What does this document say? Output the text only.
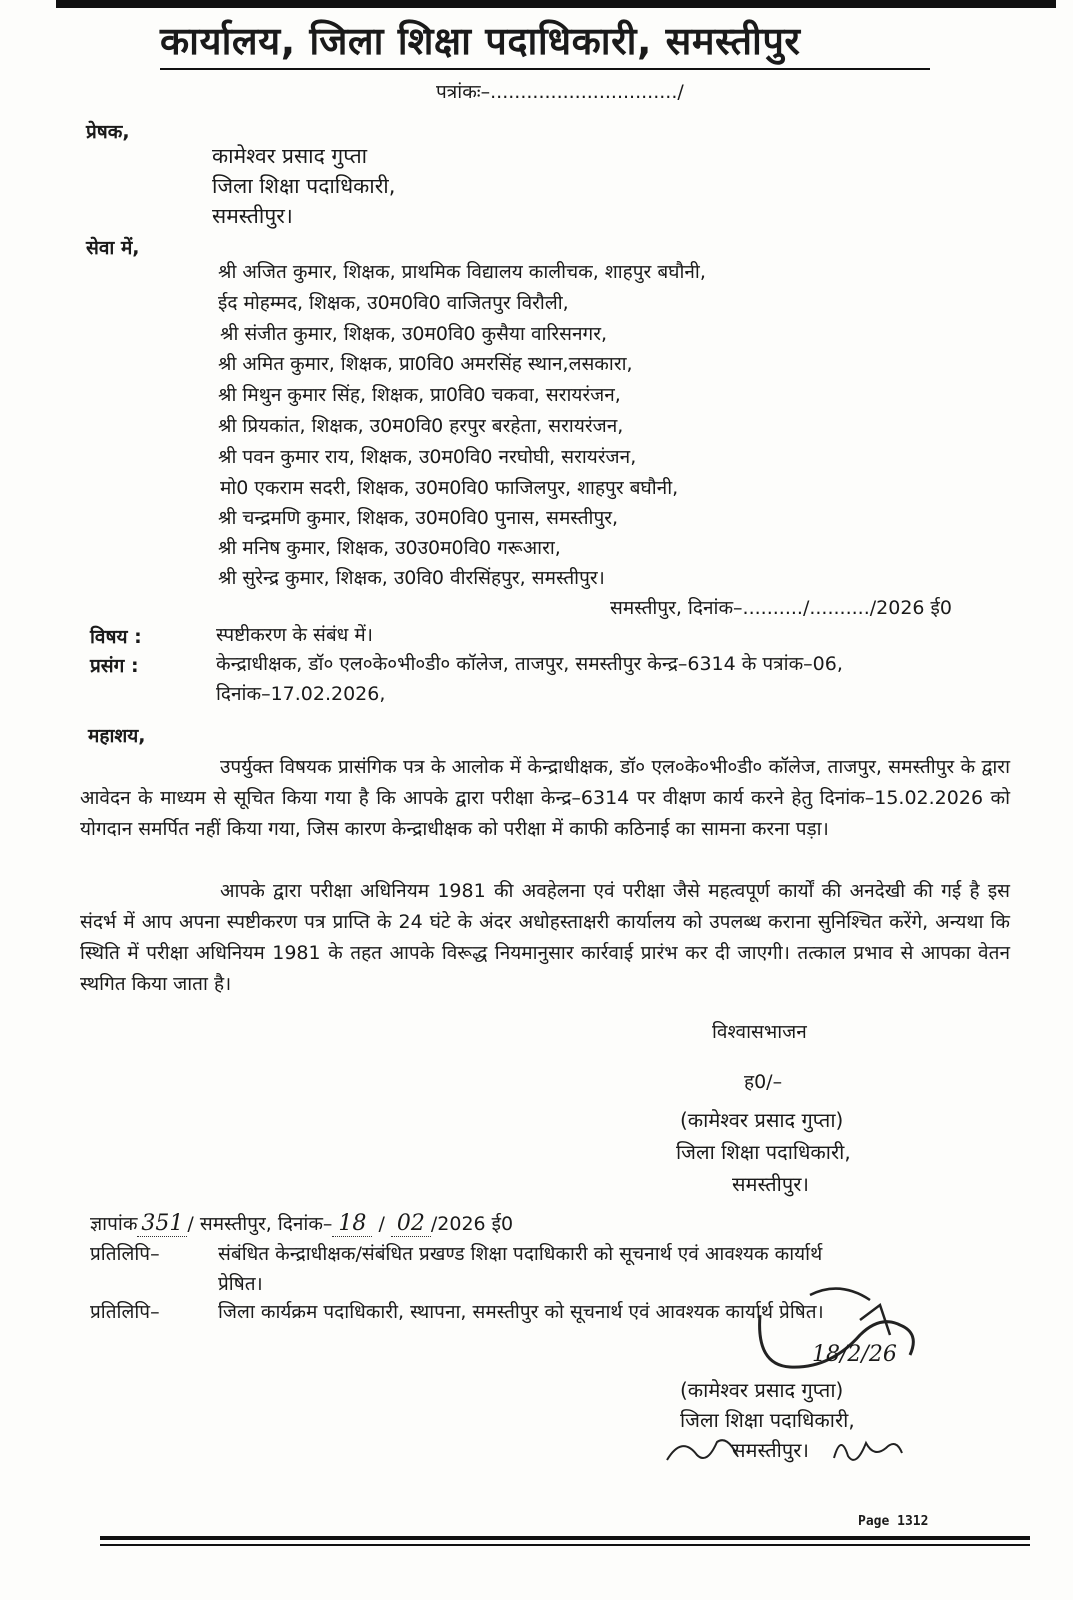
कार्यालय, जिला शिक्षा पदाधिकारी, समस्तीपुर
पत्रांकः–.............................../
प्रेषक,
कामेश्वर प्रसाद गुप्ता
जिला शिक्षा पदाधिकारी,
समस्तीपुर।
सेवा में,
श्री अजित कुमार, शिक्षक, प्राथमिक विद्यालय कालीचक, शाहपुर बघौनी,
ईद मोहम्मद, शिक्षक, उ0म0वि0 वाजितपुर विरौली,
श्री संजीत कुमार, शिक्षक, उ0म0वि0 कुसैया वारिसनगर,
श्री अमित कुमार, शिक्षक, प्रा0वि0 अमरसिंह स्थान,लसकारा,
श्री मिथुन कुमार सिंह, शिक्षक, प्रा0वि0 चकवा, सरायरंजन,
श्री प्रियकांत, शिक्षक, उ0म0वि0 हरपुर बरहेता, सरायरंजन,
श्री पवन कुमार राय, शिक्षक, उ0म0वि0 नरघोघी, सरायरंजन,
मो0 एकराम सदरी, शिक्षक, उ0म0वि0 फाजिलपुर, शाहपुर बघौनी,
श्री चन्द्रमणि कुमार, शिक्षक, उ0म0वि0 पुनास, समस्तीपुर,
श्री मनिष कुमार, शिक्षक, उ0उ0म0वि0 गरूआरा,
श्री सुरेन्द्र कुमार, शिक्षक, उ0वि0 वीरसिंहपुर, समस्तीपुर।
समस्तीपुर, दिनांक–........../........../2026 ई0
विषय :	स्पष्टीकरण के संबंध में।
प्रसंग :	केन्द्राधीक्षक, डॉ० एल०के०भी०डी० कॉलेज, ताजपुर, समस्तीपुर केन्द्र–6314 के पत्रांक–06,
दिनांक–17.02.2026,
महाशय,
उपर्युक्त विषयक प्रासंगिक पत्र के आलोक में केन्द्राधीक्षक, डॉ० एल०के०भी०डी० कॉलेज, ताजपुर, समस्तीपुर के द्वारा आवेदन के माध्यम से सूचित किया गया है कि आपके द्वारा परीक्षा केन्द्र–6314 पर वीक्षण कार्य करने हेतु दिनांक–15.02.2026 को योगदान समर्पित नहीं किया गया, जिस कारण केन्द्राधीक्षक को परीक्षा में काफी कठिनाई का सामना करना पड़ा।
आपके द्वारा परीक्षा अधिनियम 1981 की अवहेलना एवं परीक्षा जैसे महत्वपूर्ण कार्यों की अनदेखी की गई है इस संदर्भ में आप अपना स्पष्टीकरण पत्र प्राप्ति के 24 घंटे के अंदर अधोहस्ताक्षरी कार्यालय को उपलब्ध कराना सुनिश्चित करेंगे, अन्यथा कि स्थिति में परीक्षा अधिनियम 1981 के तहत आपके विरूद्ध नियमानुसार कार्रवाई प्रारंभ कर दी जाएगी। तत्काल प्रभाव से आपका वेतन स्थगित किया जाता है।
विश्वासभाजन
ह0/–
(कामेश्वर प्रसाद गुप्ता)
जिला शिक्षा पदाधिकारी,
समस्तीपुर।
ज्ञापांक 351 / समस्तीपुर, दिनांक– 18 / 02 /2026 ई0
प्रतिलिपि–	संबंधित केन्द्राधीक्षक/संबंधित प्रखण्ड शिक्षा पदाधिकारी को सूचनार्थ एवं आवश्यक कार्यार्थ
प्रेषित।
प्रतिलिपि–	जिला कार्यक्रम पदाधिकारी, स्थापना, समस्तीपुर को सूचनार्थ एवं आवश्यक कार्यार्थ प्रेषित।
18/2/26
(कामेश्वर प्रसाद गुप्ता)
जिला शिक्षा पदाधिकारी,
समस्तीपुर।
Page 1312
